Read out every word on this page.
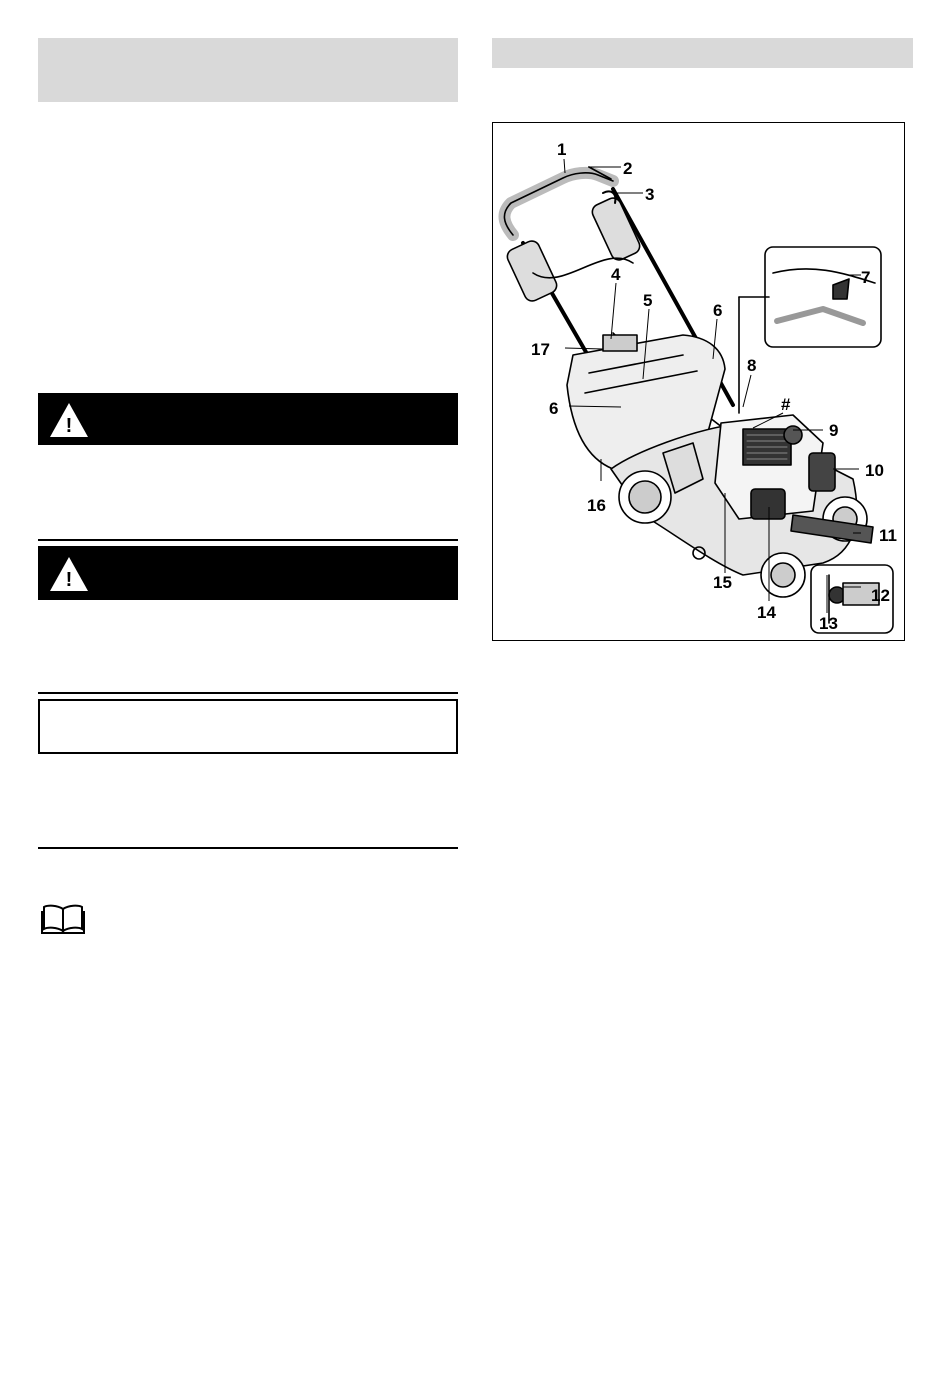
!
!
1
2
3
4
5
6
17
6
8
#
9
10
16
11
15
14
12
13
7
